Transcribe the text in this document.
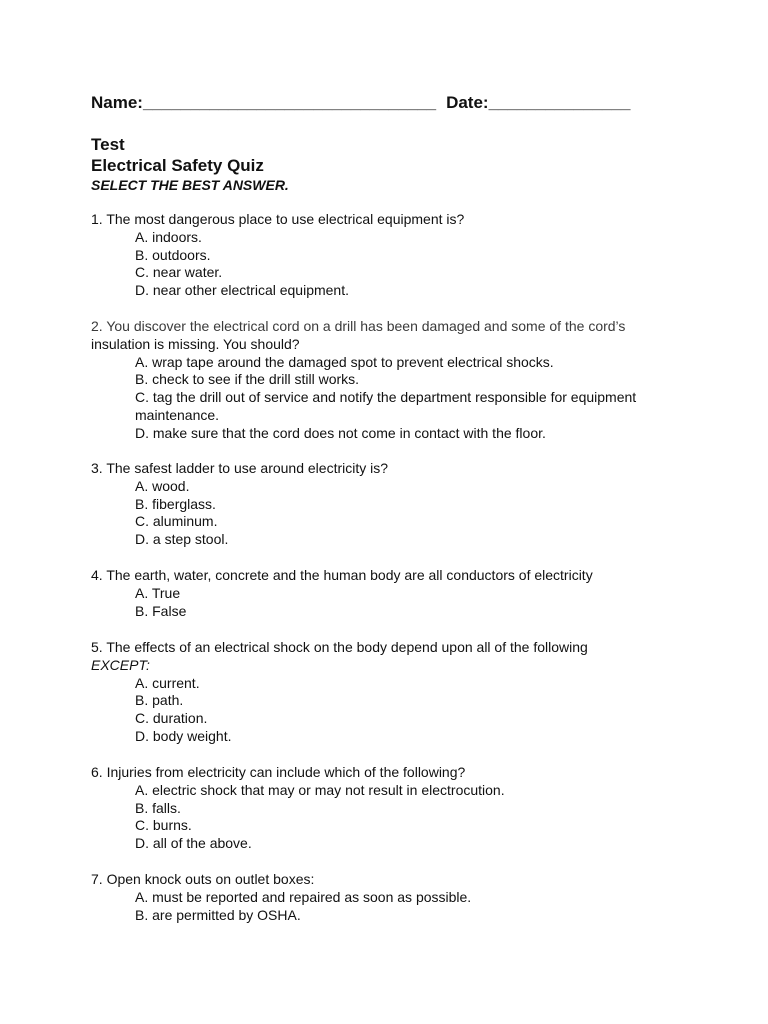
Name:_______________________________ Date:_______________
Test
Electrical Safety Quiz
SELECT THE BEST ANSWER.
1. The most dangerous place to use electrical equipment is?
A. indoors.
B. outdoors.
C. near water.
D. near other electrical equipment.
2. You discover the electrical cord on a drill has been damaged and some of the cord’s
insulation is missing. You should?
A. wrap tape around the damaged spot to prevent electrical shocks.
B. check to see if the drill still works.
C. tag the drill out of service and notify the department responsible for equipment maintenance.
D. make sure that the cord does not come in contact with the floor.
3. The safest ladder to use around electricity is?
A. wood.
B. fiberglass.
C. aluminum.
D. a step stool.
4. The earth, water, concrete and the human body are all conductors of electricity
A. True
B. False
5. The effects of an electrical shock on the body depend upon all of the following
EXCEPT:
A. current.
B. path.
C. duration.
D. body weight.
6. Injuries from electricity can include which of the following?
A. electric shock that may or may not result in electrocution.
B. falls.
C. burns.
D. all of the above.
7. Open knock outs on outlet boxes:
A. must be reported and repaired as soon as possible.
B. are permitted by OSHA.
